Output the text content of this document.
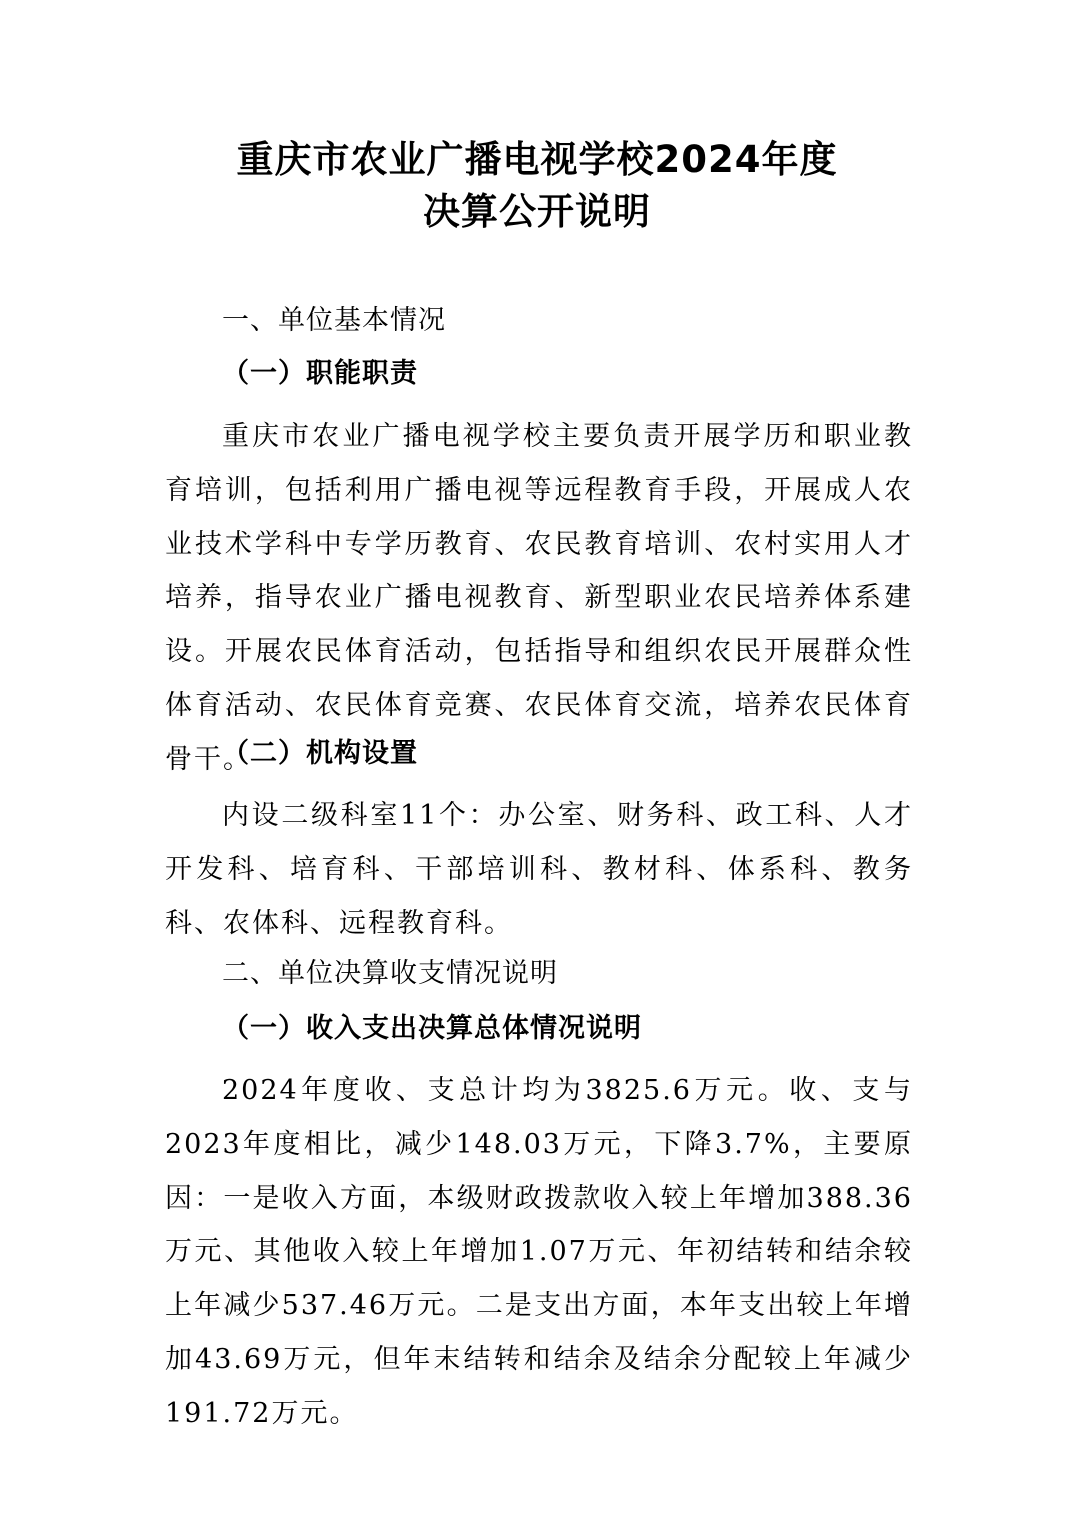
重庆市农业广播电视学校2024年度
决算公开说明
一、单位基本情况
（一）职能职责

重庆市农业广播电视学校主要负责开展学历和职业教育培训，包括利用广播电视等远程教育手段，开展成人农业技术学科中专学历教育、农民教育培训、农村实用人才培养，指导农业广播电视教育、新型职业农民培养体系建设。开展农民体育活动，包括指导和组织农民开展群众性体育活动、农民体育竞赛、农民体育交流，培养农民体育骨干。

（二）机构设置

内设二级科室11个：办公室、财务科、政工科、人才开发科、培育科、干部培训科、教材科、体系科、教务科、农体科、远程教育科。

二、单位决算收支情况说明
（一）收入支出决算总体情况说明

2024年度收、支总计均为3825.6万元。收、支与2023年度相比，减少148.03万元，下降3.7%，主要原因：一是收入方面，本级财政拨款收入较上年增加388.36万元、其他收入较上年增加1.07万元、年初结转和结余较上年减少537.46万元。二是支出方面，本年支出较上年增加43.69万元，但年末结转和结余及结余分配较上年减少191.72万元。
